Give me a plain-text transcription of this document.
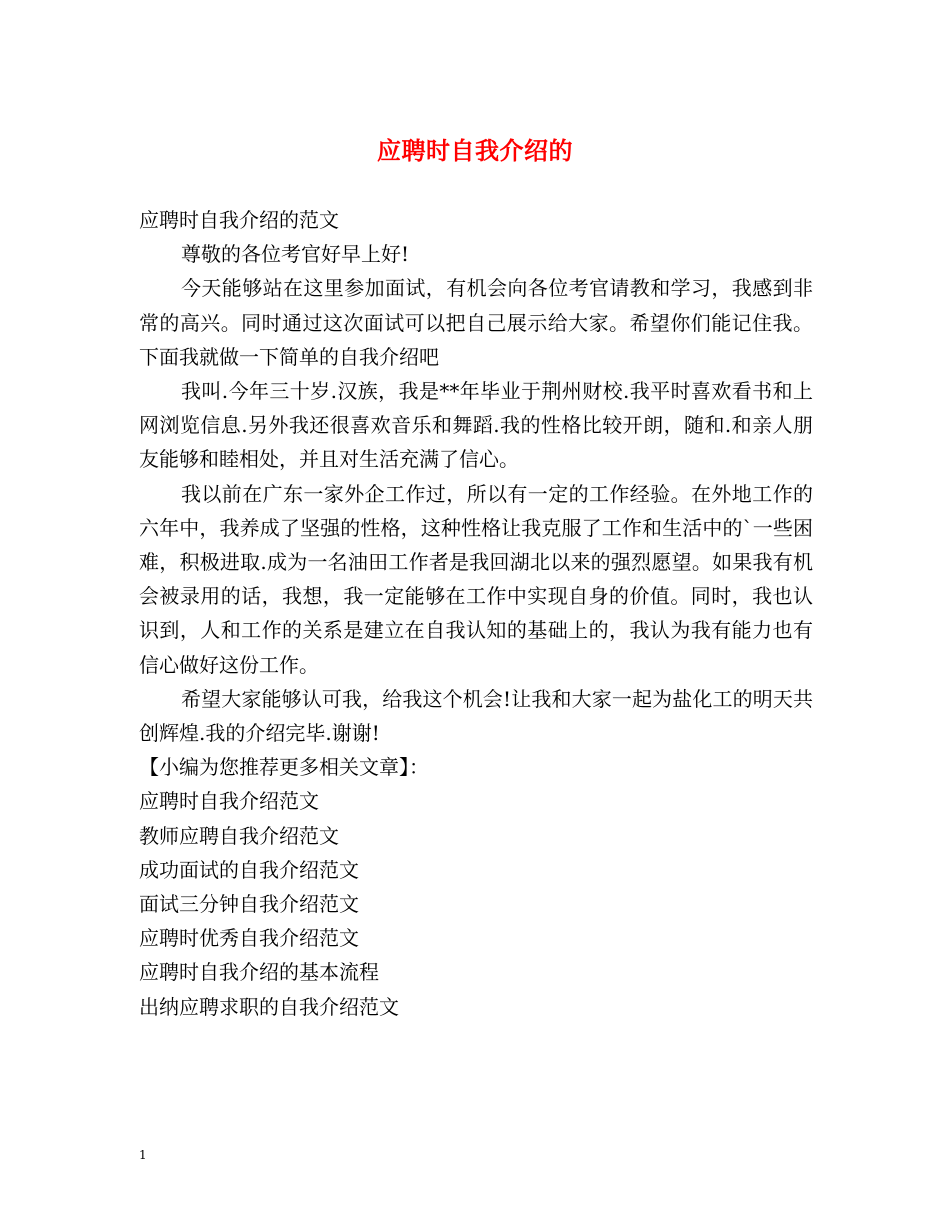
应聘时自我介绍的

应聘时自我介绍的范文

尊敬的各位考官好早上好!

今天能够站在这里参加面试，有机会向各位考官请教和学习，我感到非常的高兴。同时通过这次面试可以把自己展示给大家。希望你们能记住我。下面我就做一下简单的自我介绍吧

我叫.今年三十岁.汉族，我是**年毕业于荆州财校.我平时喜欢看书和上网浏览信息.另外我还很喜欢音乐和舞蹈.我的性格比较开朗，随和.和亲人朋友能够和睦相处，并且对生活充满了信心。

我以前在广东一家外企工作过，所以有一定的工作经验。在外地工作的六年中，我养成了坚强的性格，这种性格让我克服了工作和生活中的`一些困难，积极进取.成为一名油田工作者是我回湖北以来的强烈愿望。如果我有机会被录用的话，我想，我一定能够在工作中实现自身的价值。同时，我也认识到，人和工作的关系是建立在自我认知的基础上的，我认为我有能力也有信心做好这份工作。

希望大家能够认可我，给我这个机会!让我和大家一起为盐化工的明天共创辉煌.我的介绍完毕.谢谢!

【小编为您推荐更多相关文章】：

应聘时自我介绍范文

教师应聘自我介绍范文

成功面试的自我介绍范文

面试三分钟自我介绍范文

应聘时优秀自我介绍范文

应聘时自我介绍的基本流程

出纳应聘求职的自我介绍范文

1
